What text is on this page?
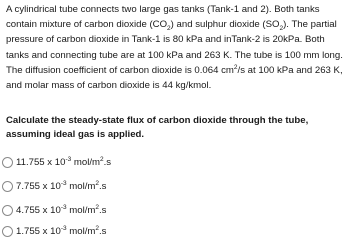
A cylindrical tube connects two large gas tanks (Tank-1 and 2). Both tanks contain mixture of carbon dioxide $(CO_2)$ and sulphur dioxide $(SO_2)$. The partial pressure of carbon dioxide in Tank-1 is 80 kPa and inTank-2 is 20kPa. Both tanks and connecting tube are at 100 kPa and 263 K. The tube is 100 mm long. The diffusion coefficient of carbon dioxide is 0.064 $cm^2/s$ at 100 kPa and 263 K, and molar mass of carbon dioxide is 44 kg/kmol.

Calculate the steady-state flux of carbon dioxide through the tube, assuming ideal gas is applied.

11.755 x $10^{-3}$ mol/$m^2.s$
7.755 x $10^{-3}$ mol/$m^2.s$
4.755 x $10^{-3}$ mol/$m^2.s$
1.755 x $10^{-3}$ mol/$m^2.s$
